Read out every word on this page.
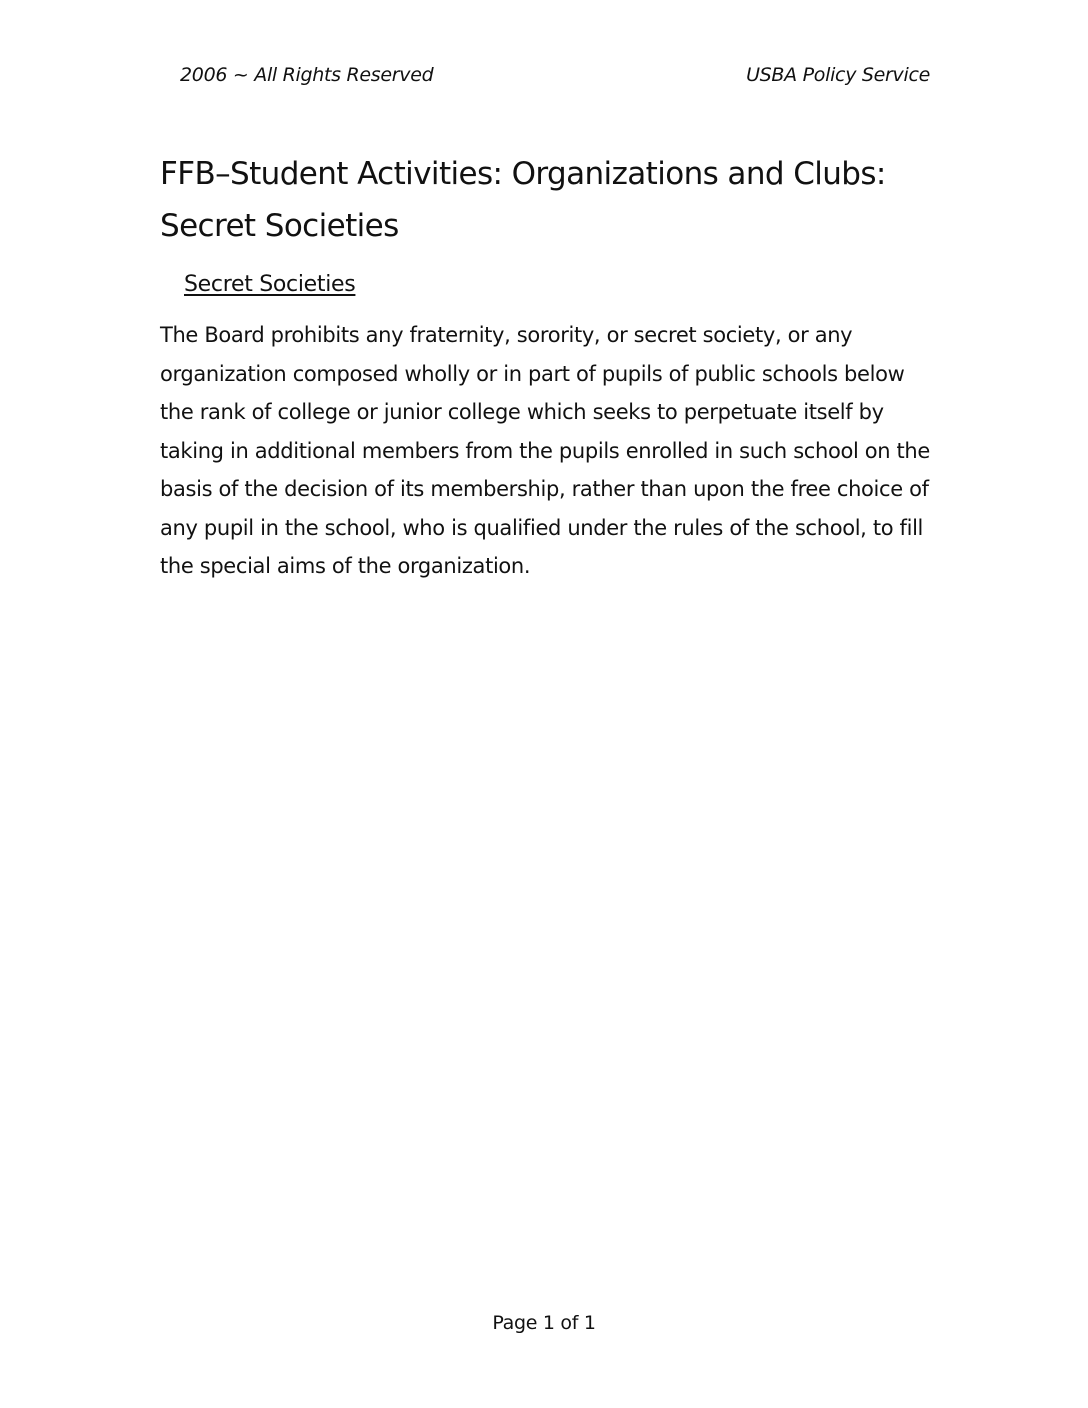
2006 ~ All Rights Reserved	USBA Policy Service
FFB–Student Activities: Organizations and Clubs: Secret Societies
Secret Societies

The Board prohibits any fraternity, sorority, or secret society, or any organization composed wholly or in part of pupils of public schools below the rank of college or junior college which seeks to perpetuate itself by taking in additional members from the pupils enrolled in such school on the basis of the decision of its membership, rather than upon the free choice of any pupil in the school, who is qualified under the rules of the school, to fill the special aims of the organization.

Page 1 of 1
